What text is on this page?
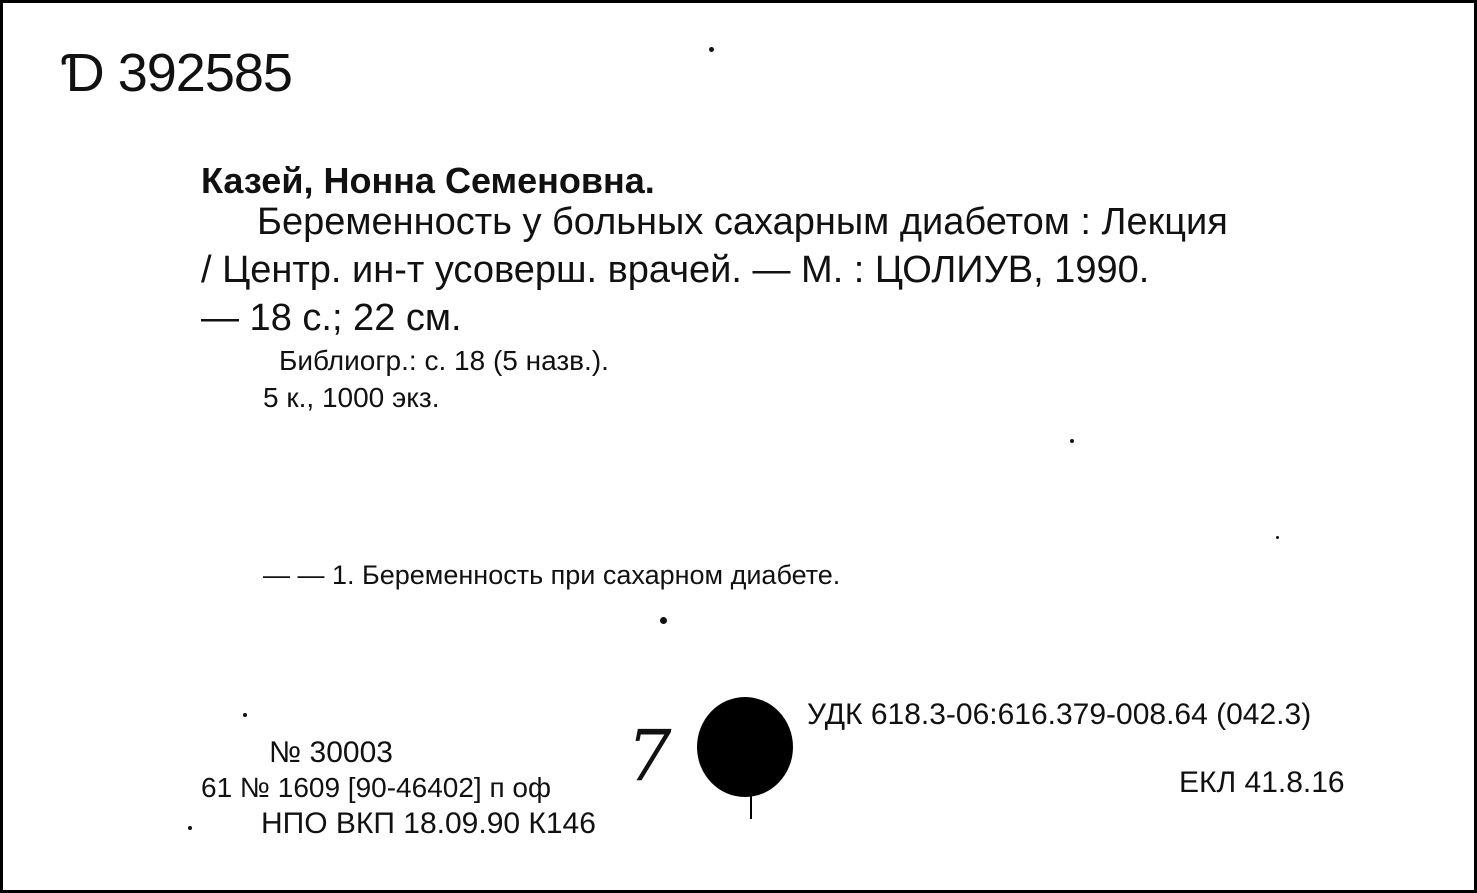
Ɗ 392585
Казей, Нонна Семеновна.
Беременность у больных сахарным диабетом : Лекция
/ Центр. ин-т усоверш. врачей. — М. : ЦОЛИУВ, 1990.
— 18 с.; 22 см.
Библиогр.: с. 18 (5 назв.).
5 к., 1000 экз.
— — 1. Беременность при сахарном диабете.
УДК 618.3-06:616.379-008.64 (042.3)
ЕКЛ 41.8.16
№ 30003
61 № 1609 [90-46402] п оф
НПО ВКП 18.09.90 К146
7
